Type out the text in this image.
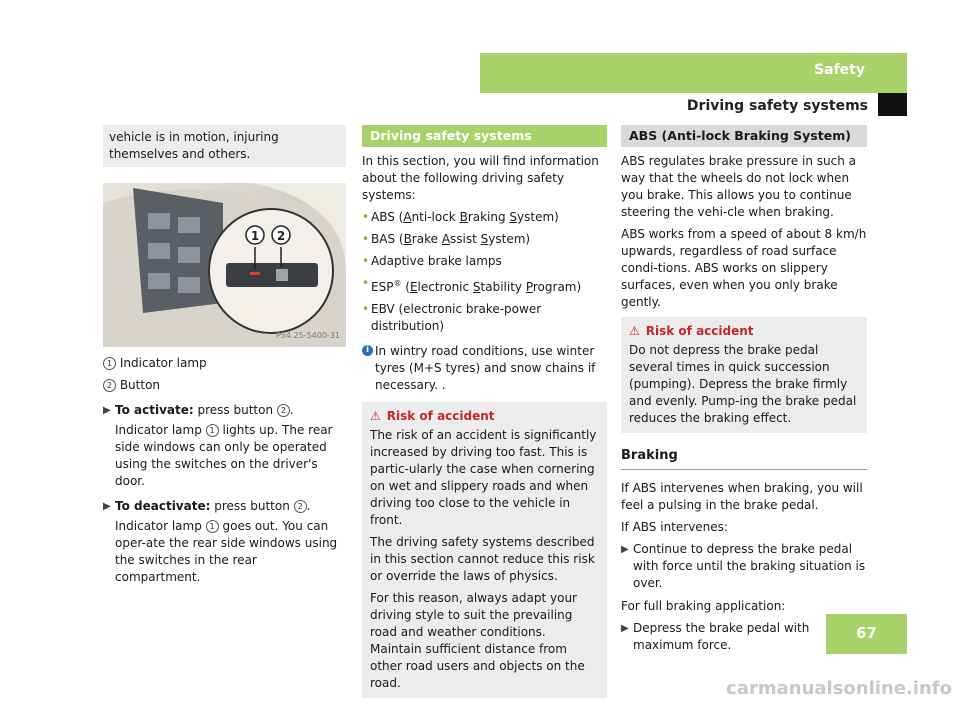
Safety
Driving safety systems
vehicle is in motion, injuring themselves and others.
1 2
P54.25-5400-31

1 Indicator lamp

2 Button

▶ To activate: press button 2 .
Indicator lamp 1 lights up. The rear side windows can only be operated using the switches on the driver's door.
▶ To deactivate: press button 2 .
Indicator lamp 1 goes out. You can oper-ate the rear side windows using the switches in the rear compartment.
Driving safety systems

In this section, you will find information about the following driving safety systems:

• ABS (Anti-lock Braking System)
• BAS (Brake Assist System)
• Adaptive brake lamps
• ESP® (Electronic Stability Program)
• EBV (electronic brake-power distribution)
i In wintry road conditions, use winter tyres (M+S tyres) and snow chains if necessary. .
⚠ Risk of accident

The risk of an accident is significantly increased by driving too fast. This is partic-ularly the case when cornering on wet and slippery roads and when driving too close to the vehicle in front.

The driving safety systems described in this section cannot reduce this risk or override the laws of physics.

For this reason, always adapt your driving style to suit the prevailing road and weather conditions. Maintain sufficient distance from other road users and objects on the road.

ABS (Anti-lock Braking System)

ABS regulates brake pressure in such a way that the wheels do not lock when you brake. This allows you to continue steering the vehi-cle when braking.

ABS works from a speed of about 8 km/h upwards, regardless of road surface condi-tions. ABS works on slippery surfaces, even when you only brake gently.

⚠ Risk of accident

Do not depress the brake pedal several times in quick succession (pumping). Depress the brake firmly and evenly. Pump-ing the brake pedal reduces the braking effect.

Braking

If ABS intervenes when braking, you will feel a pulsing in the brake pedal.

If ABS intervenes:

▶ Continue to depress the brake pedal with force until the braking situation is over.

For full braking application:

▶ Depress the brake pedal with maximum force.
67
carmanualsonline.info
